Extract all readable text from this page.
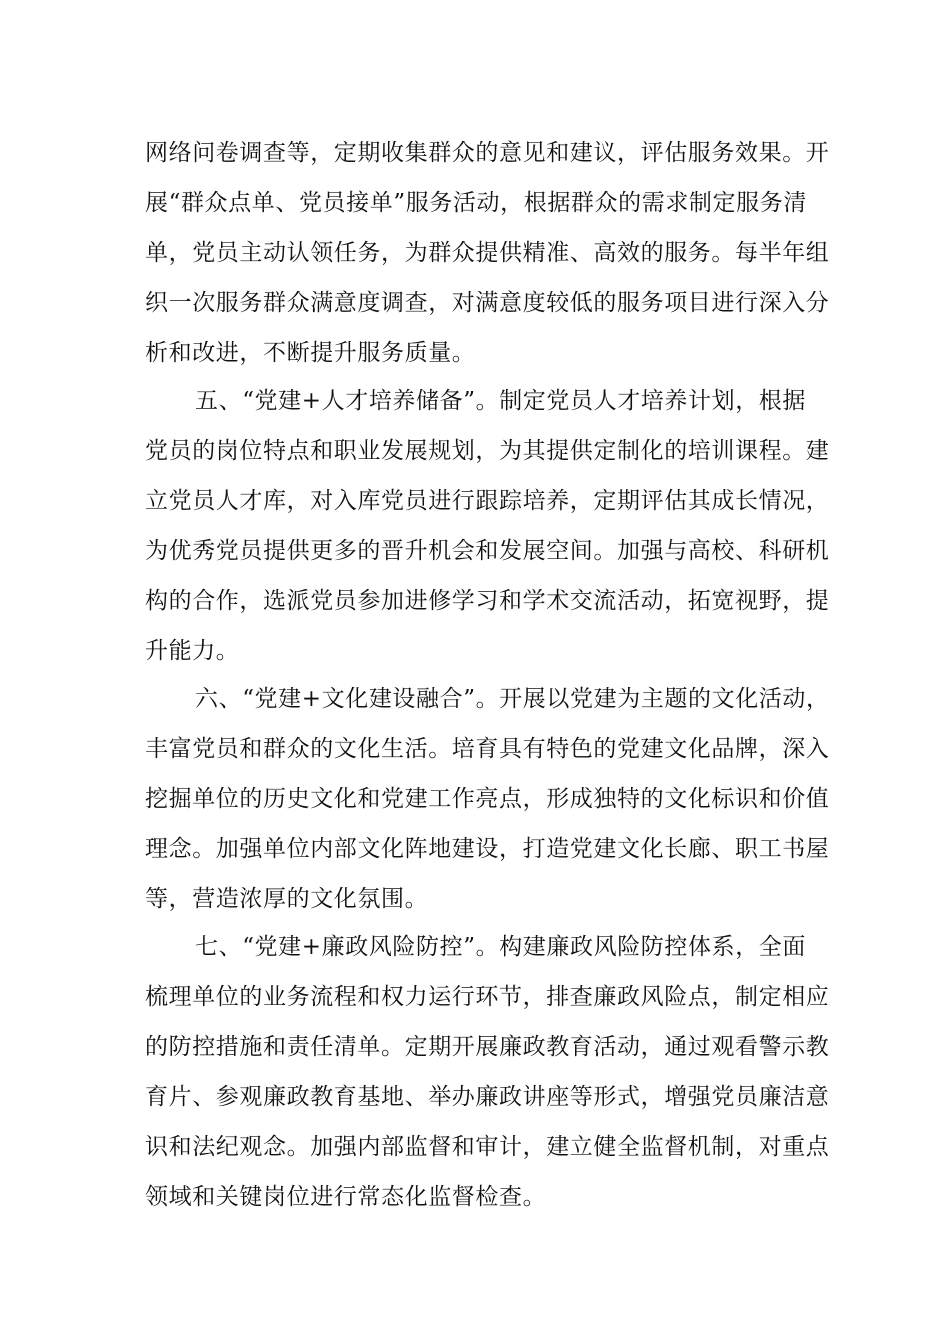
网络问卷调查等，定期收集群众的意见和建议，评估服务效果。开
展“群众点单、党员接单”服务活动，根据群众的需求制定服务清
单，党员主动认领任务，为群众提供精准、高效的服务。每半年组
织一次服务群众满意度调查，对满意度较低的服务项目进行深入分
析和改进，不断提升服务质量。
五、“党建+人才培养储备”。制定党员人才培养计划，根据
党员的岗位特点和职业发展规划，为其提供定制化的培训课程。建
立党员人才库，对入库党员进行跟踪培养，定期评估其成长情况，
为优秀党员提供更多的晋升机会和发展空间。加强与高校、科研机
构的合作，选派党员参加进修学习和学术交流活动，拓宽视野，提
升能力。
六、“党建+文化建设融合”。开展以党建为主题的文化活动，
丰富党员和群众的文化生活。培育具有特色的党建文化品牌，深入
挖掘单位的历史文化和党建工作亮点，形成独特的文化标识和价值
理念。加强单位内部文化阵地建设，打造党建文化长廊、职工书屋
等，营造浓厚的文化氛围。
七、“党建+廉政风险防控”。构建廉政风险防控体系，全面
梳理单位的业务流程和权力运行环节，排查廉政风险点，制定相应
的防控措施和责任清单。定期开展廉政教育活动，通过观看警示教
育片、参观廉政教育基地、举办廉政讲座等形式，增强党员廉洁意
识和法纪观念。加强内部监督和审计，建立健全监督机制，对重点
领域和关键岗位进行常态化监督检查。
